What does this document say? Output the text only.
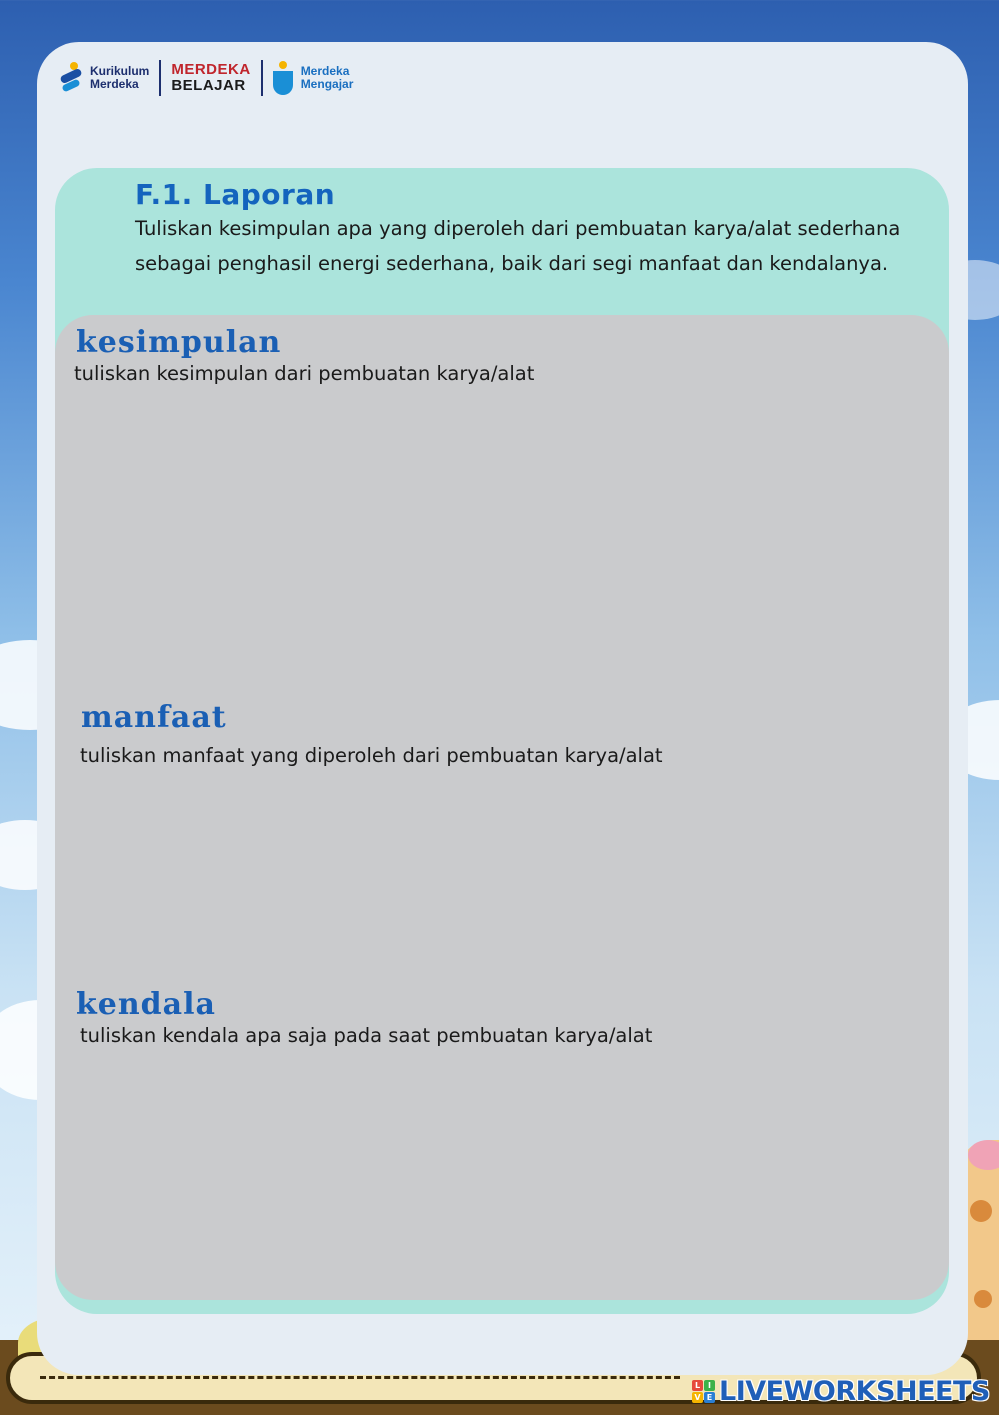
Kurikulum
Merdeka
MERDEKA
BELAJAR
Merdeka
Mengajar
F.1. Laporan

Tuliskan kesimpulan apa yang diperoleh dari pembuatan karya/alat sederhana sebagai penghasil energi sederhana, baik dari segi manfaat dan kendalanya.

kesimpulan

tuliskan kesimpulan dari pembuatan karya/alat

manfaat

tuliskan manfaat yang diperoleh dari pembuatan karya/alat

kendala

tuliskan kendala apa saja pada saat pembuatan karya/alat

L I
V E LIVEWORKSHEETS
